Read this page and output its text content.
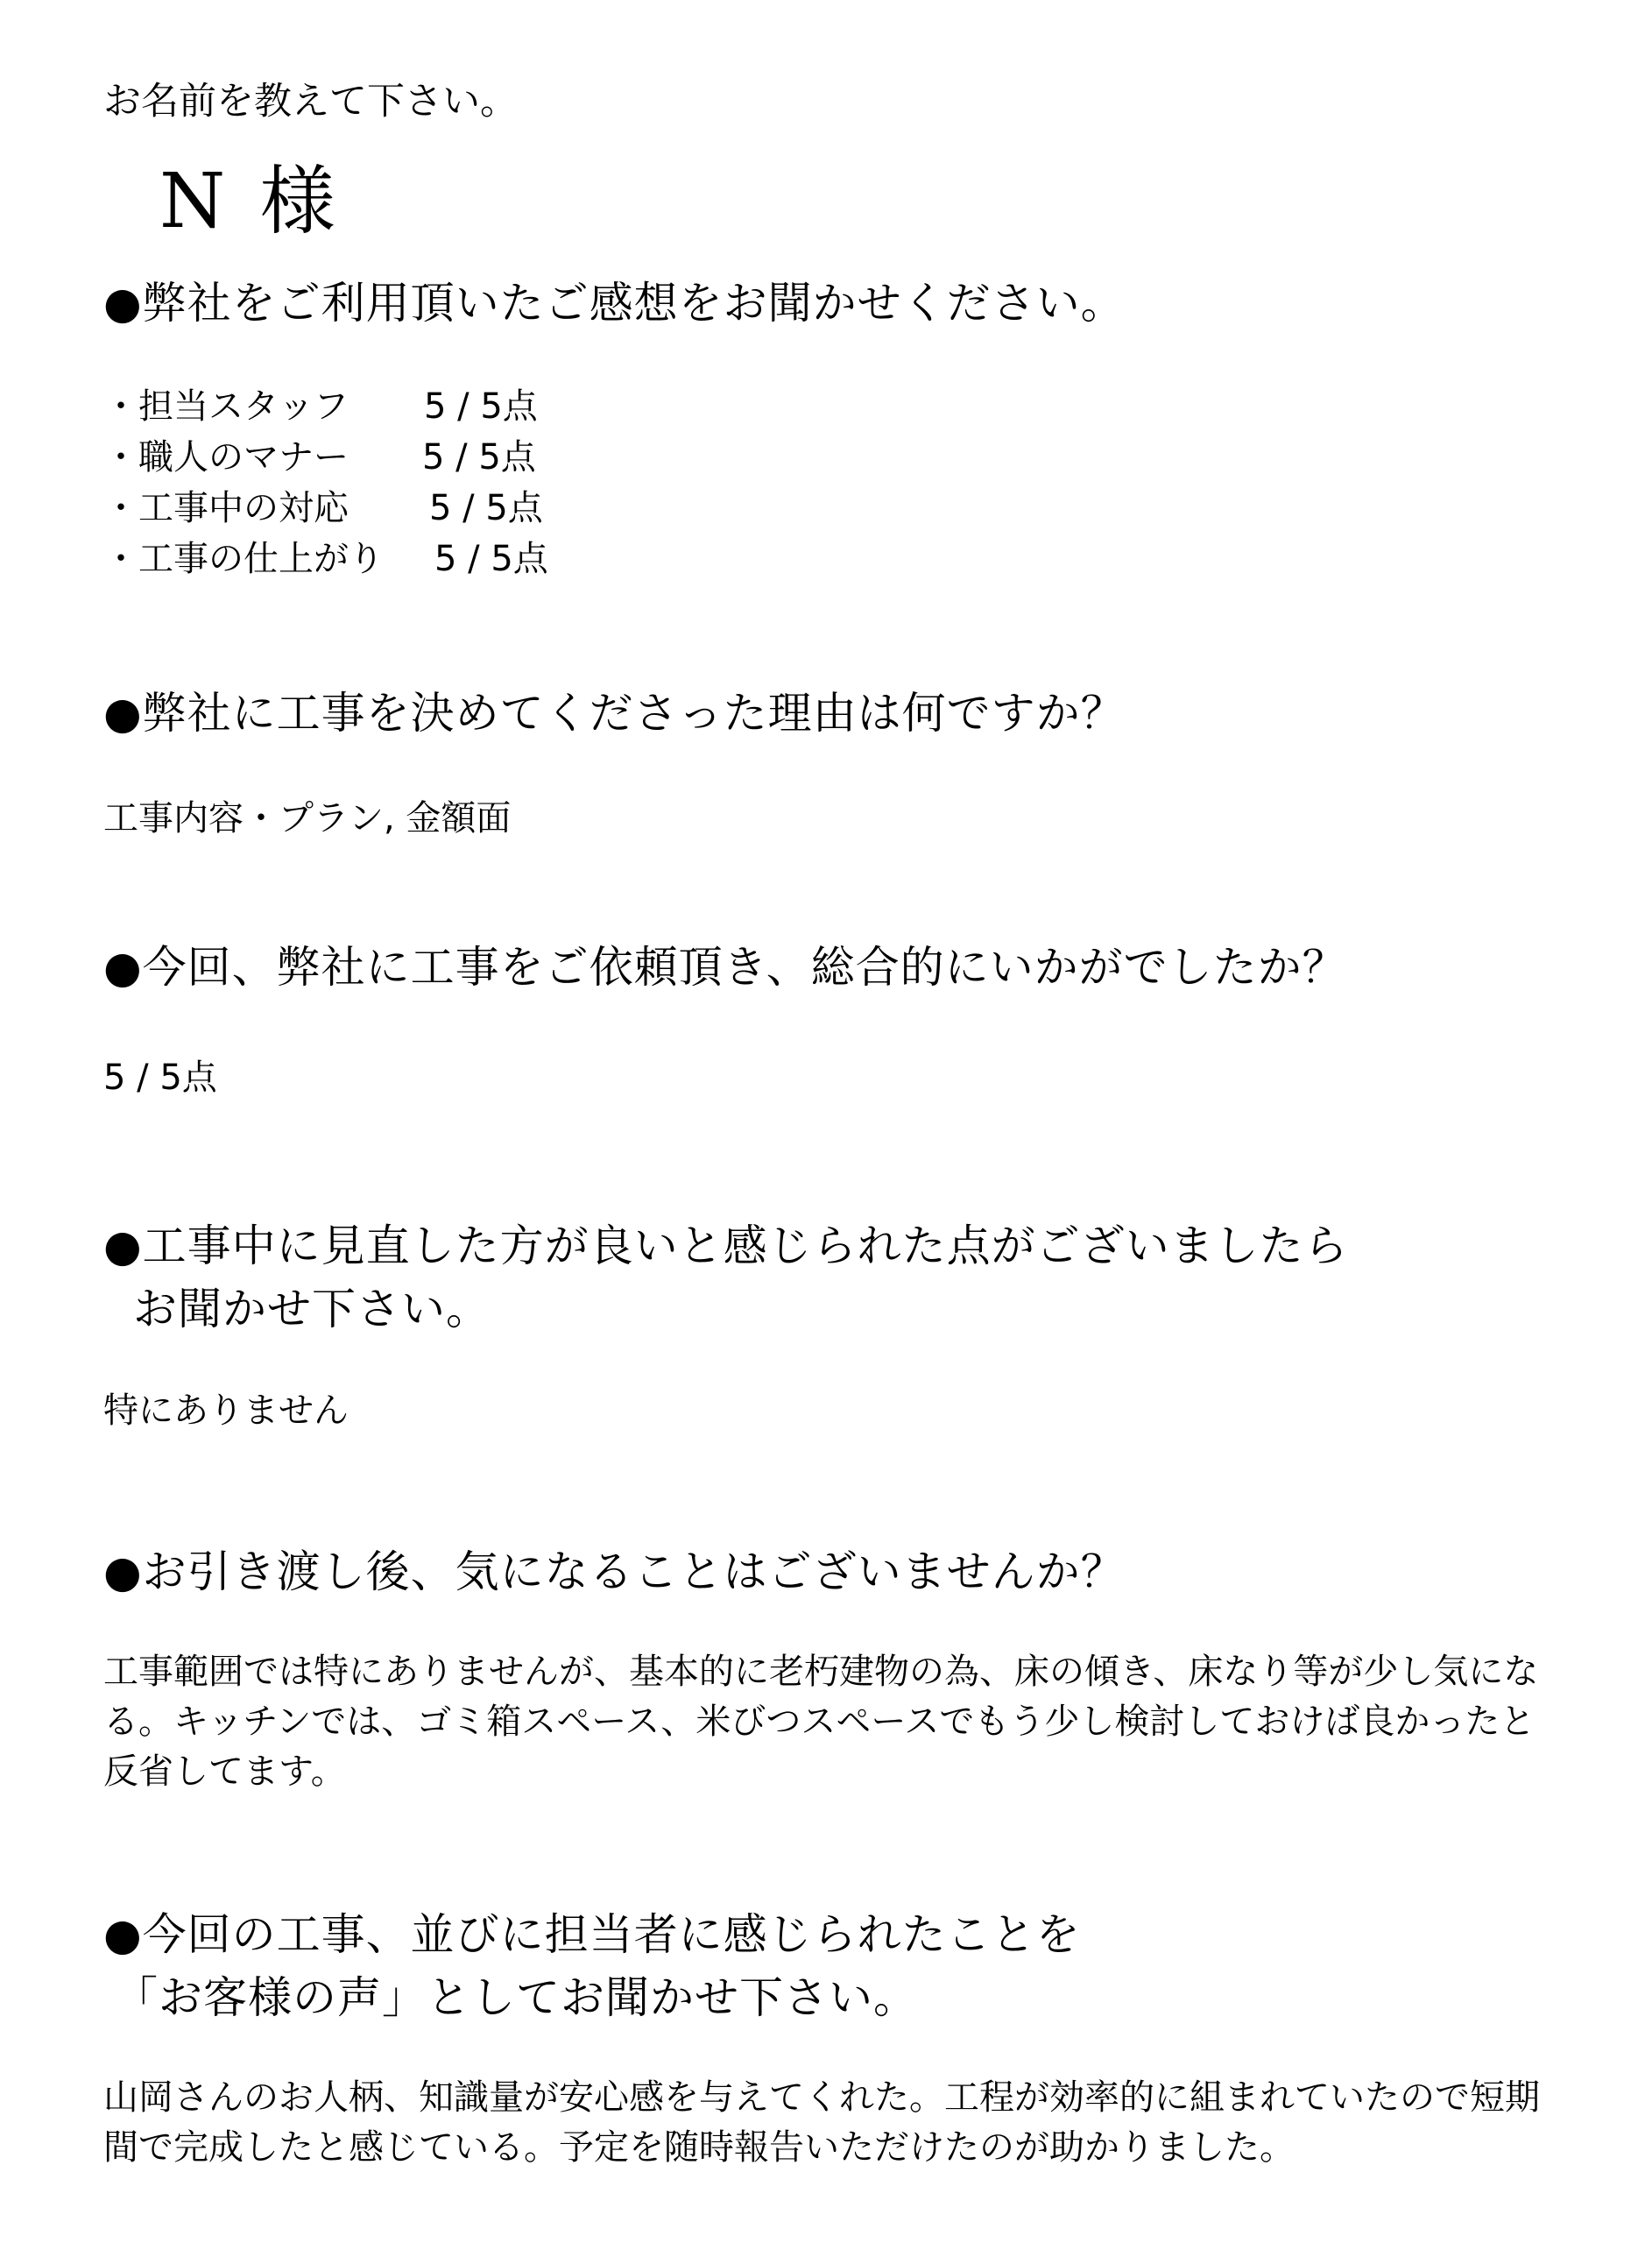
お名前を教えて下さい。
N 様
●弊社をご利用頂いたご感想をお聞かせください。
・担当スタッフ 5 / 5点
・職人のマナー 5 / 5点
・工事中の対応 5 / 5点
・工事の仕上がり 5 / 5点
●弊社に工事を決めてくださった理由は何ですか？
工事内容・プラン, 金額面
●今回、弊社に工事をご依頼頂き、総合的にいかがでしたか？
5 / 5点
●工事中に見直した方が良いと感じられた点がございましたら
お聞かせ下さい。
特にありません
●お引き渡し後、気になることはございませんか？
工事範囲では特にありませんが、基本的に老朽建物の為、床の傾き、床なり等が少し気になる。キッチンでは、ゴミ箱スペース、米びつスペースでもう少し検討しておけば良かったと反省してます。
●今回の工事、並びに担当者に感じられたことを
「お客様の声」としてお聞かせ下さい。
山岡さんのお人柄、知識量が安心感を与えてくれた。工程が効率的に組まれていたので短期間で完成したと感じている。予定を随時報告いただけたのが助かりました。
